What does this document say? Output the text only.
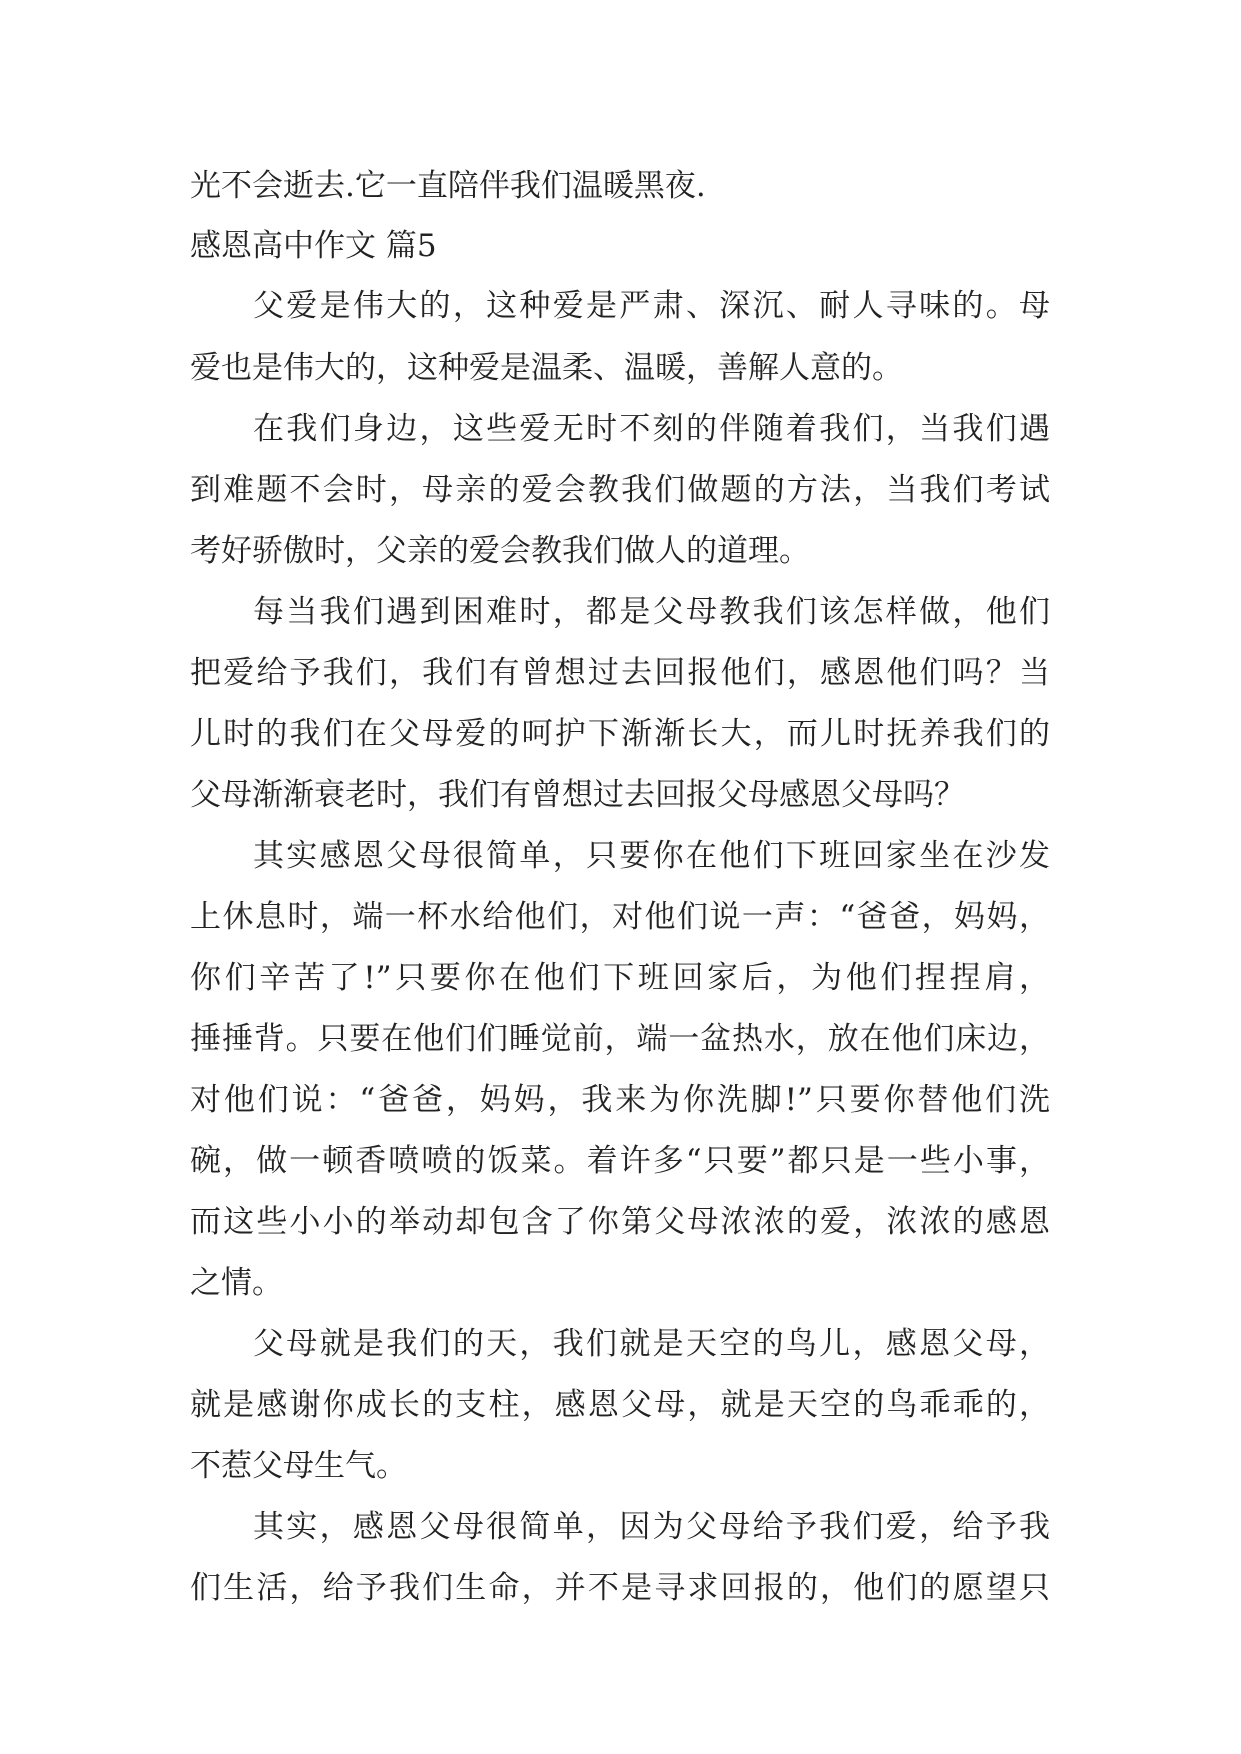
光不会逝去.它一直陪伴我们温暖黑夜.
感恩高中作文 篇5
父爱是伟大的，这种爱是严肃、深沉、耐人寻味的。母
爱也是伟大的，这种爱是温柔、温暖，善解人意的。
在我们身边，这些爱无时不刻的伴随着我们，当我们遇
到难题不会时，母亲的爱会教我们做题的方法，当我们考试
考好骄傲时，父亲的爱会教我们做人的道理。
每当我们遇到困难时，都是父母教我们该怎样做，他们
把爱给予我们，我们有曾想过去回报他们，感恩他们吗？当
儿时的我们在父母爱的呵护下渐渐长大，而儿时抚养我们的
父母渐渐衰老时，我们有曾想过去回报父母感恩父母吗？
其实感恩父母很简单，只要你在他们下班回家坐在沙发
上休息时，端一杯水给他们，对他们说一声：“爸爸，妈妈，
你们辛苦了!”只要你在他们下班回家后，为他们捏捏肩，
捶捶背。只要在他们们睡觉前，端一盆热水，放在他们床边，
对他们说：“爸爸，妈妈，我来为你洗脚!”只要你替他们洗
碗，做一顿香喷喷的饭菜。着许多“只要”都只是一些小事，
而这些小小的举动却包含了你第父母浓浓的爱，浓浓的感恩
之情。
父母就是我们的天，我们就是天空的鸟儿，感恩父母，
就是感谢你成长的支柱，感恩父母，就是天空的鸟乖乖的，
不惹父母生气。
其实，感恩父母很简单，因为父母给予我们爱，给予我
们生活，给予我们生命，并不是寻求回报的，他们的愿望只
